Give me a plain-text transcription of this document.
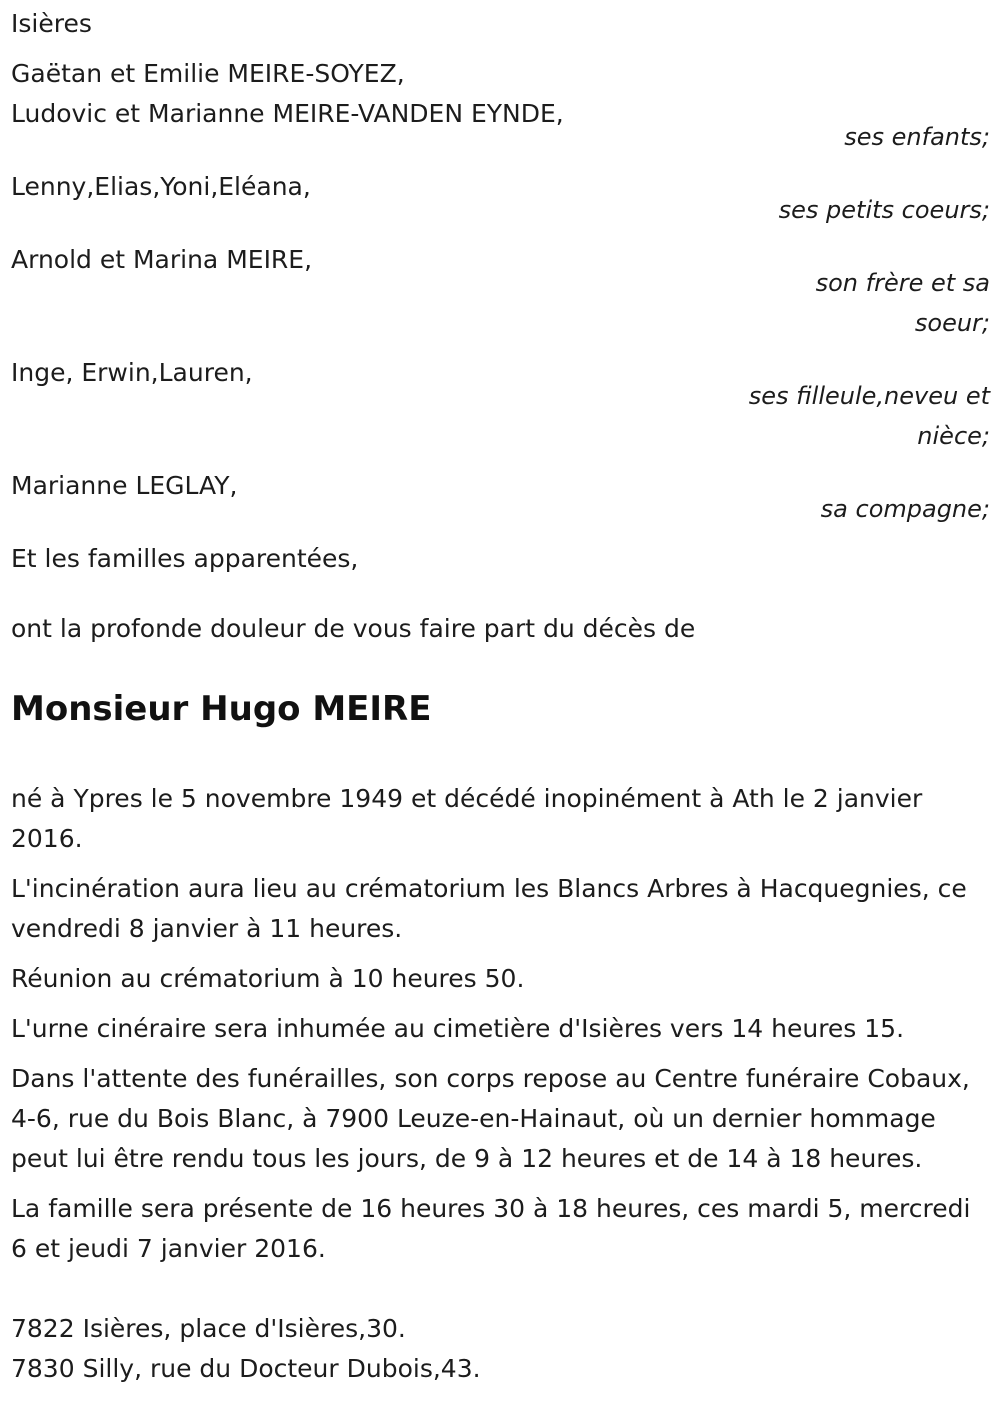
Isières

Gaëtan et Emilie MEIRE-SOYEZ,

Ludovic et Marianne MEIRE-VANDEN EYNDE,

ses enfants;

Lenny,Elias,Yoni,Eléana,

ses petits coeurs;

Arnold et Marina MEIRE,

son frère et sa
soeur;

Inge, Erwin,Lauren,

ses filleule,neveu et
nièce;

Marianne LEGLAY,

sa compagne;

Et les familles apparentées,

ont la profonde douleur de vous faire part du décès de

Monsieur Hugo MEIRE

né à Ypres le 5 novembre 1949 et décédé inopinément à Ath le 2 janvier 2016.

L'incinération aura lieu au crématorium les Blancs Arbres à Hacquegnies, ce vendredi 8 janvier à 11 heures.

Réunion au crématorium à 10 heures 50.

L'urne cinéraire sera inhumée au cimetière d'Isières vers 14 heures 15.

Dans l'attente des funérailles, son corps repose au Centre funéraire Cobaux, 4-6, rue du Bois Blanc, à 7900 Leuze-en-Hainaut, où un dernier hommage peut lui être rendu tous les jours, de 9 à 12 heures et de 14 à 18 heures.

La famille sera présente de 16 heures 30 à 18 heures, ces mardi 5, mercredi 6 et jeudi 7 janvier 2016.

7822 Isières, place d'Isières,30.

7830 Silly, rue du Docteur Dubois,43.
